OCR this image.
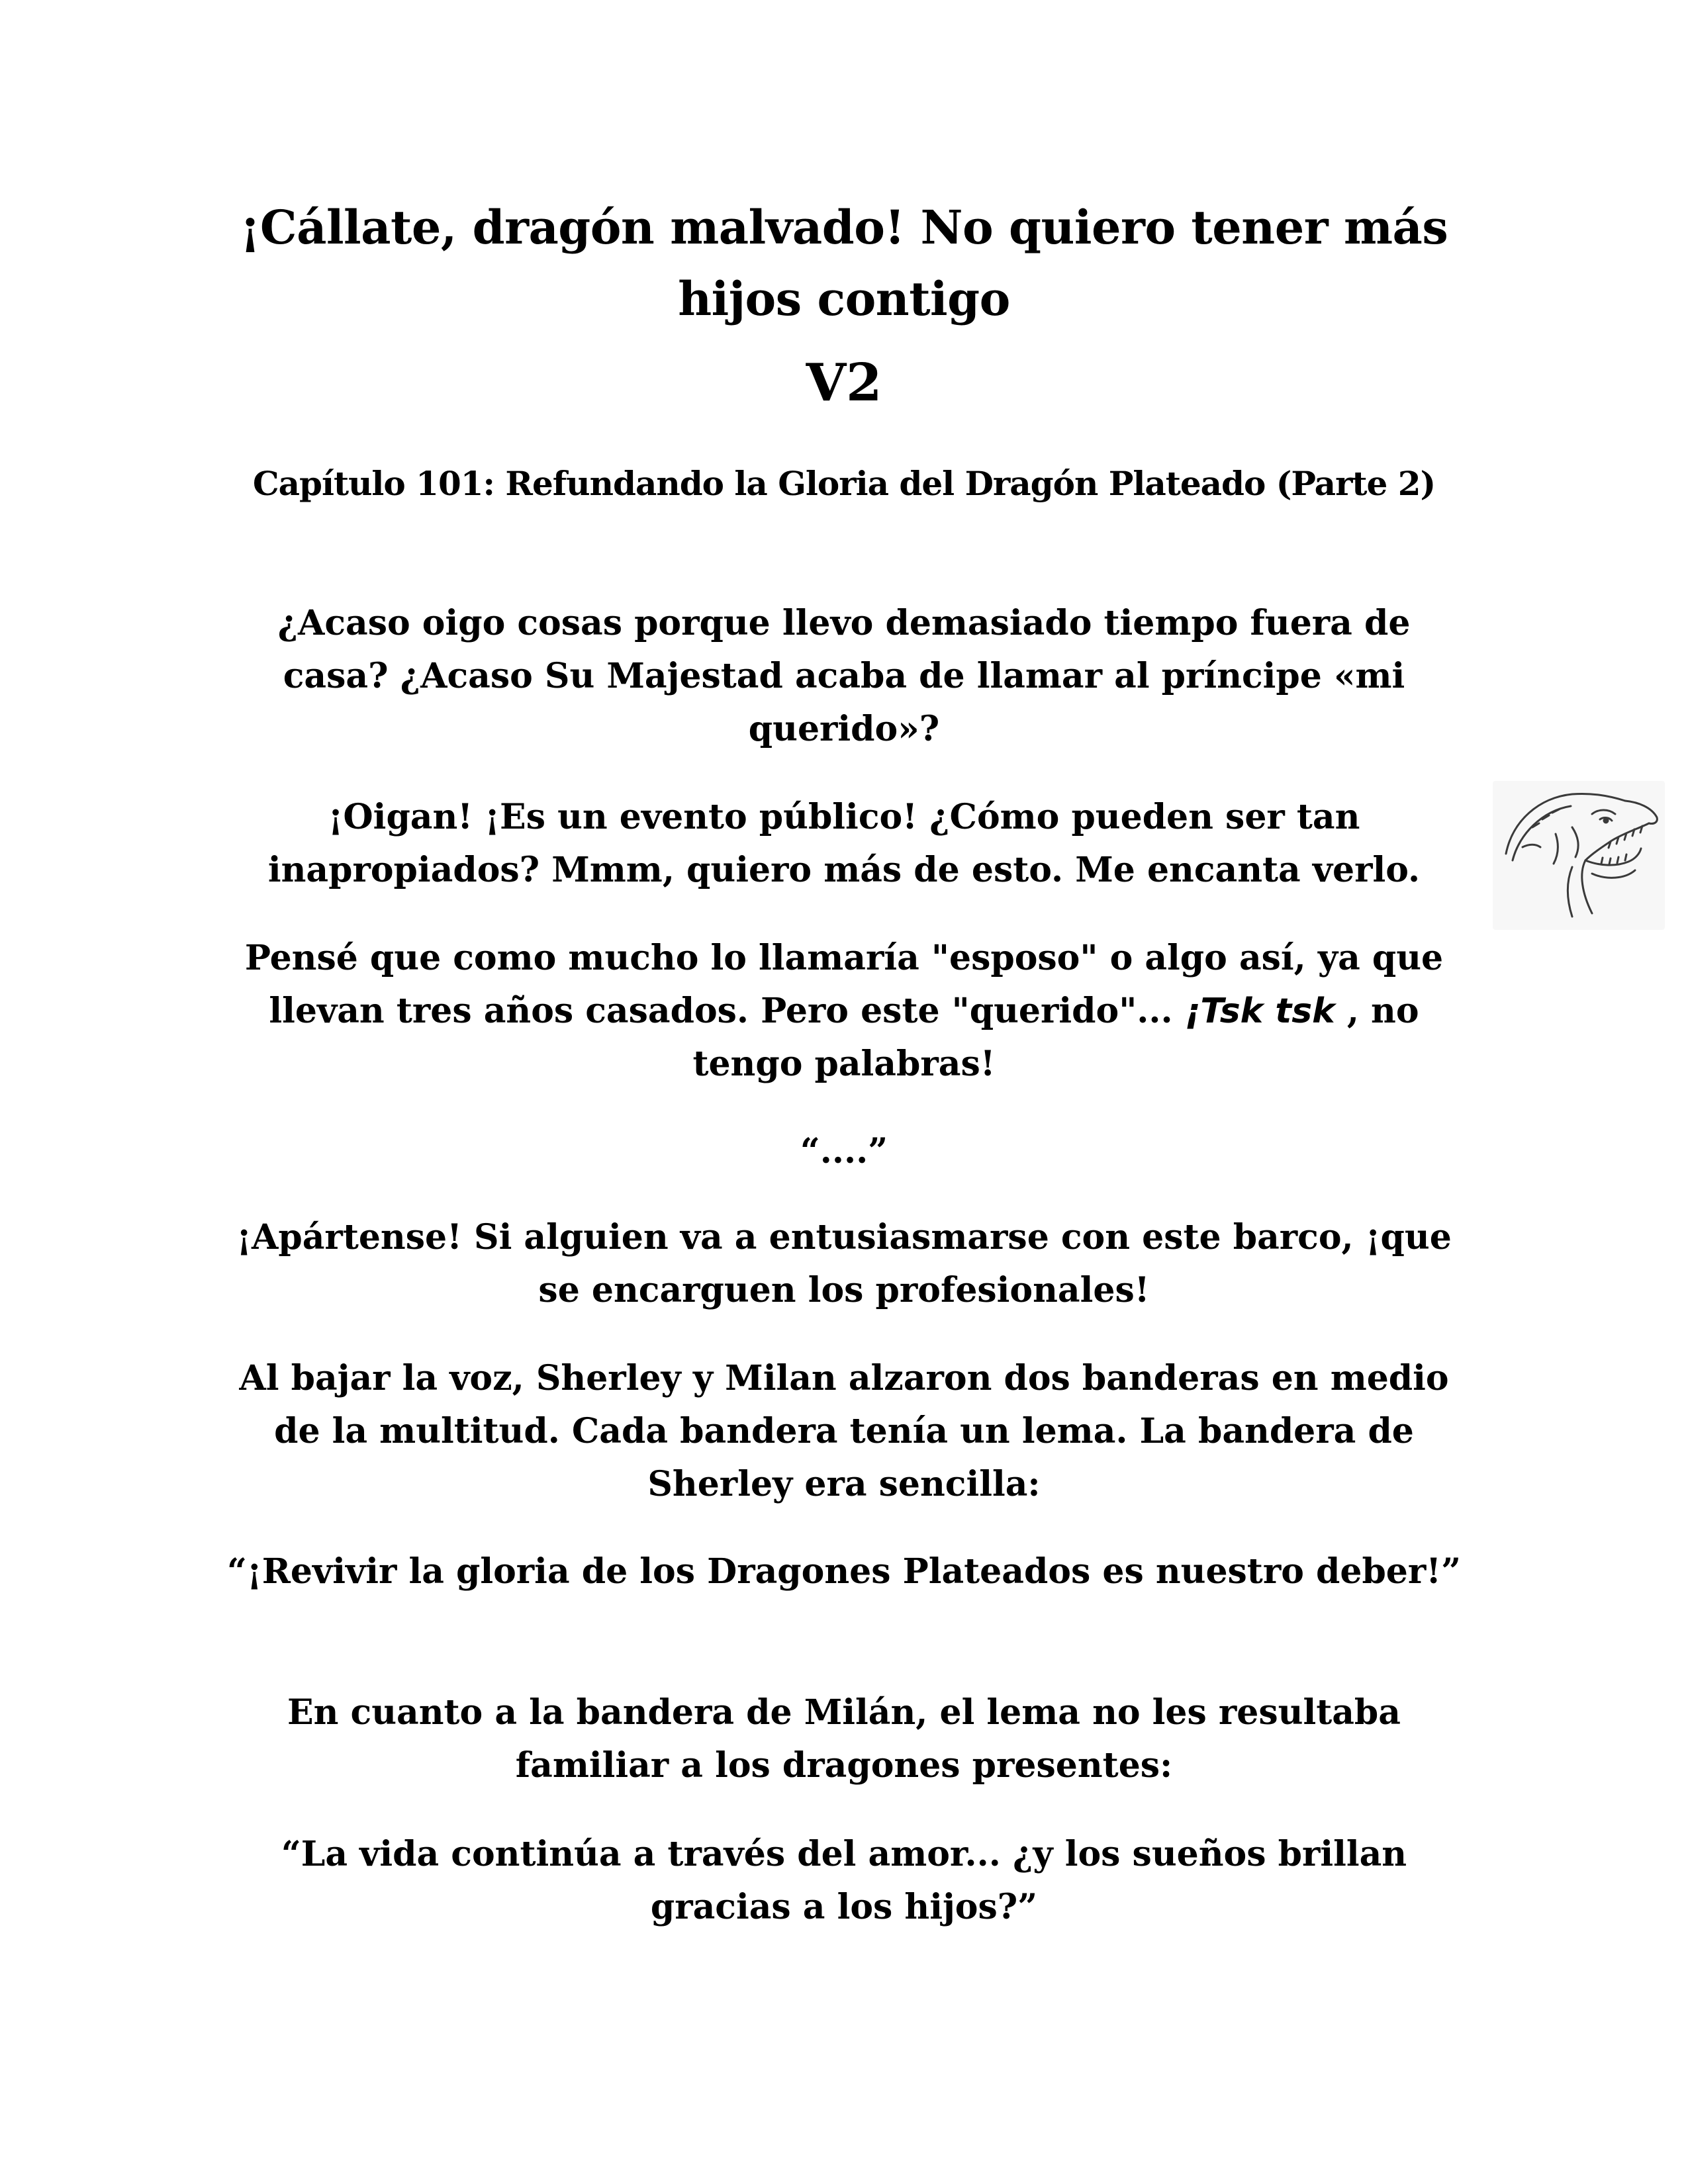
¡Cállate, dragón malvado! No quiero tener más hijos contigo
V2
Capítulo 101: Refundando la Gloria del Dragón Plateado (Parte 2)
¿Acaso oigo cosas porque llevo demasiado tiempo fuera de casa? ¿Acaso Su Majestad acaba de llamar al príncipe «mi querido»?
¡Oigan! ¡Es un evento público! ¿Cómo pueden ser tan inapropiados? Mmm, quiero más de esto. Me encanta verlo.
Pensé que como mucho lo llamaría "esposo" o algo así, ya que llevan tres años casados. Pero este "querido"... ¡Tsk tsk , no tengo palabras!
“....”
¡Apártense! Si alguien va a entusiasmarse con este barco, ¡que se encarguen los profesionales!
Al bajar la voz, Sherley y Milan alzaron dos banderas en medio de la multitud. Cada bandera tenía un lema. La bandera de Sherley era sencilla:
“¡Revivir la gloria de los Dragones Plateados es nuestro deber!”
En cuanto a la bandera de Milán, el lema no les resultaba familiar a los dragones presentes:
“La vida continúa a través del amor... ¿y los sueños brillan gracias a los hijos?”
